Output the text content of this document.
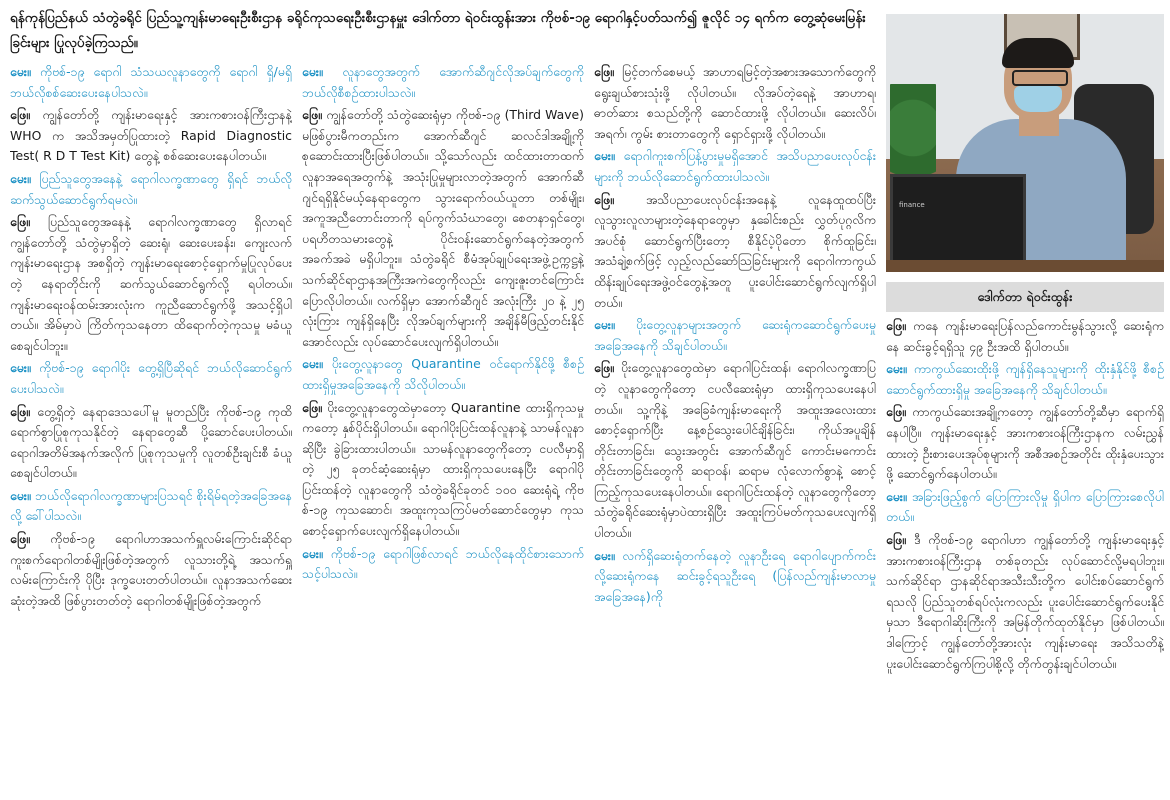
ရန်ကုန်ပြည်နယ် သံတွဲခရိုင် ပြည်သူ့ကျန်းမာရေးဦးစီးဌာန ခရိုင်ကုသရေးဦးစီးဌာနမှူး ဒေါက်တာ ရဲဝင်းထွန်းအား ကိုဗစ်-၁၉ ရောဂါနှင့်ပတ်သက်၍ ဇူလိုင် ၁၄ ရက်က တွေ့ဆုံမေးမြန်းခြင်းများ ပြုလုပ်ခဲ့ကြသည်။

မေး။ ကိုဗစ်-၁၉ ရောဂါ သံသယလူနာတွေကို ရောဂါ ရှိ/မရှိ ဘယ်လိုစစ်ဆေးပေးနေပါသလဲ။

ဖြေ။ ကျွန်တော်တို့ ကျန်းမာရေးနှင့် အားကစားဝန်ကြီးဌာနနဲ့ WHO က အသိအမှတ်ပြုထားတဲ့ Rapid Diagnostic Test( R D T Test Kit) တွေနဲ့ စစ်ဆေးပေးနေပါတယ်။

မေး။ ပြည်သူတွေအနေနဲ့ ရောဂါလက္ခဏာတွေ ရှိရင် ဘယ်လိုဆက်သွယ်ဆောင်ရွက်ရမလဲ။

ဖြေ။ ပြည်သူတွေအနေနဲ့ ရောဂါလက္ခဏာတွေ ရှိလာရင် ကျွန်တော်တို့ သံတွဲမှာရှိတဲ့ ဆေးရုံ၊ ဆေးပေးခန်း၊ ကျေးလက်ကျန်းမာရေးဌာန အစရှိတဲ့ ကျန်းမာရေးစောင့်ရှောက်မှုပြုလုပ်ပေးတဲ့ နေရာတိုင်းကို ဆက်သွယ်ဆောင်ရွက်လို့ ရပါတယ်။ ကျန်းမာရေးဝန်ထမ်းအားလုံးက ကူညီဆောင်ရွက်ဖို့ အသင့်ရှိပါတယ်။ အိမ်မှာပဲ ကြိတ်ကုသနေတာ ထိရောက်တဲ့ကုသမှု မခံယူစေချင်ပါဘူး။

မေး။ ကိုဗစ်-၁၉ ရောဂါပိုး တွေ့ရှိပြီဆိုရင် ဘယ်လိုဆောင်ရွက်ပေးပါသလဲ။

ဖြေ။ တွေ့ရှိတဲ့ နေရာဒေသပေါ်မူ မူတည်ပြီး ကိုဗစ်-၁၉ ကုထိရောက်စွာပြုစုကုသနိုင်တဲ့ နေရာတွေဆီ ပို့ဆောင်ပေးပါတယ်။ ရောဂါအတိမ်အနက်အလိုက် ပြုစုကုသမှုကို လူတစ်ဦးချင်းစီ ခံယူစေချင်ပါတယ်။

မေး။ ဘယ်လိုရောဂါလက္ခဏာများပြသရင် စိုးရိမ်ရတဲ့အခြေအနေလို့ ခေါ်ပါသလဲ။

ဖြေ။ ကိုဗစ်-၁၉ ရောဂါဟာအသက်ရှူလမ်းကြောင်းဆိုင်ရာ ကူးစက်ရောဂါတစ်မျိုးဖြစ်တဲ့အတွက် လူသားတို့ရဲ့ အသက်ရှူလမ်းကြောင်းကို ပိုပြီး ဒုက္ခပေးတတ်ပါတယ်။ လူနာအသက်ဆေးဆုံးတဲ့အထိ ဖြစ်ပွားတတ်တဲ့ ရောဂါတစ်မျိုးဖြစ်တဲ့အတွက်

မေး။ လူနာတွေအတွက် အောက်ဆီဂျင်လိုအပ်ချက်တွေကို ဘယ်လိုစီစဉ်ထားပါသလဲ။

ဖြေ။ ကျွန်တော်တို့ သံတွဲဆေးရုံမှာ ကိုဗစ်-၁၉ (Third Wave) မဖြစ်ပွားမီကတည်းက အောက်ဆီဂျင် ဆလင်ဒါအချို့ကို စုဆောင်းထားပြီးဖြစ်ပါတယ်။ သို့သော်လည်း ထင်ထားတာထက် လူနာအရေအတွက်နဲ့ အသုံးပြုမှုများလာတဲ့အတွက် အောက်ဆီဂျင်ရရှိနိုင်မယ့်နေရာတွေက သွားရောက်ဝယ်ယူတာ တစ်မျိုး၊ အကူအညီတောင်းတာကို ရပ်ကွက်သံဃာတွေ၊ စေတနာရှင်တွေ၊ ပရဟိတသမားတွေနဲ့ ပိုင်းဝန်းဆောင်ရွက်နေတဲ့အတွက် အခက်အခဲ မရှိပါဘူး။ သံတွဲခရိုင် စီမံအုပ်ချုပ်ရေးအဖွဲ့ဥက္ကဋ္ဌနဲ့ သက်ဆိုင်ရာဌာနအကြီးအကဲတွေကိုလည်း ကျေးဇူးတင်ကြောင်း ပြောလိုပါတယ်။ လက်ရှိမှာ အောက်ဆီဂျင် အလုံးကြီး ၂၀ နဲ့ ၂၅ လုံးကြား ကျန်ရှိနေပြီး လိုအပ်ချက်များကို အချိန်မီဖြည့်တင်းနိုင်အောင်လည်း လုပ်ဆောင်ပေးလျက်ရှိပါတယ်။

မေး။ ပိုးတွေ့လူနာတွေ Quarantine ဝင်ရောက်နိုင်ဖို့ စီစဉ်ထားရှိမှုအခြေအနေကို သိလိုပါတယ်။

ဖြေ။ ပိုးတွေ့လူနာတွေထဲမှာတော့ Quarantine ထားရှိကုသမှုကတော့ နှစ်ပိုင်းရှိပါတယ်။ ရောဂါပိုးပြင်းထန်လူနာနဲ့ သာမန်လူနာဆိုပြီး ခွဲခြားထားပါတယ်။ သာမန်လူနာတွေကိုတော့ ငပလီမှာရှိတဲ့ ၂၅ ခုတင်ဆံ့ဆေးရုံမှာ ထားရှိကုသပေးနေပြီး ရောဂါပိုပြင်းထန်တဲ့ လူနာတွေကို သံတွဲခရိုင်ခုတင် ၁၀၀ ဆေးရုံရဲ့ ကိုဗစ်-၁၉ ကုသဆောင်၊ အထူးကုသကြပ်မတ်ဆောင်တွေမှာ ကုသစောင့်ရှောက်ပေးလျက်ရှိနေပါတယ်။

မေး။ ကိုဗစ်-၁၉ ရောဂါဖြစ်လာရင် ဘယ်လိုနေထိုင်စားသောက်သင့်ပါသလဲ။

ဖြေ။ မြင့်တက်စေမယ့် အာဟာရမြင့်တဲ့အစားအသောက်တွေကို ရွေးချယ်စားသုံးဖို့ လိုပါတယ်။ လိုအပ်တဲ့ရေနဲ့ အာဟာရ၊ ဓာတ်ဆား စသည်တို့ကို ဆောင်ထားဖို့ လိုပါတယ်။ ဆေးလိပ်၊ အရက်၊ ကွမ်း စားတာတွေကို ရှောင်ရှားဖို့ လိုပါတယ်။

မေး။ ရောဂါကူးစက်ပြန့်ပွားမှုမရှိအောင် အသိပညာပေးလုပ်ငန်းများကို ဘယ်လိုဆောင်ရွက်ထားပါသလဲ။

ဖြေ။ အသိပညာပေးလုပ်ငန်းအနေနဲ့ လူနေထူထပ်ပြီး လူသွားလူလာများတဲ့နေရာတွေမှာ နှခေါင်းစည်း လွှတ်ပုဂ္ဂလိက အပင်စုံ ဆောင်ရွက်ပြီးတော့ စီနိုင်ပဲ့ပိုတော စိုက်ထူခြင်း၊ အသံချဲ့စက်ဖြင့် လှည့်လည်ဆော်ဩခြင်းများကို ရောဂါကာကွယ် ထိန်းချုပ်ရေးအဖွဲ့ဝင်တွေနဲ့အတူ ပူးပေါင်းဆောင်ရွက်လျက်ရှိပါတယ်။

မေး။ ပိုးတွေ့လူနာများအတွက် ဆေးရုံကဆောင်ရွက်ပေးမှုအခြေအနေကို သိချင်ပါတယ်။

ဖြေ။ ပိုးတွေ့လူနာတွေထဲမှာ ရောဂါပြင်းထန်၊ ရောဂါလက္ခဏာပြတဲ့ လူနာတွေကိုတော့ ငပလီဆေးရုံမှာ ထားရှိကုသပေးနေပါတယ်။ သူ့ကိုနဲ့ အခြေခံကျန်းမာရေးကို အထူးအလေးထား စောင့်ရှောက်ပြီး နေ့စဉ်သွေးပေါင်ချိန်ခြင်း၊ ကိုယ်အပူချိန်တိုင်းတာခြင်း၊ သွေးအတွင်း အောက်ဆီဂျင် ကောင်းမကောင်း တိုင်းတာခြင်းတွေကို ဆရာဝန်၊ ဆရာမ လုံလောက်စွာနဲ့ စောင့်ကြည့်ကုသပေးနေပါတယ်။ ရောဂါပြင်းထန်တဲ့ လူနာတွေကိုတော့ သံတွဲခရိုင်ဆေးရုံမှာပဲထားရှိပြီး အထူးကြပ်မတ်ကုသပေးလျက်ရှိပါတယ်။

မေး။ လက်ရှိဆေးရုံတက်နေတဲ့ လူနာဦးရေ ရောဂါပျောက်ကင်းလို့ဆေးရုံကနေ ဆင်းခွင့်ရသူဦးရေ (ပြန်လည်ကျန်းမာလာမှုအခြေအနေ)ကို

finance
ဒေါက်တာ ရဲဝင်းထွန်း

ဖြေ။ ကနေ ကျန်းမာရေးပြန်လည်ကောင်းမွန်သွားလို့ ဆေးရုံကနေ ဆင်းခွင့်ရရှိသူ ၄၉ ဦးအထိ ရှိပါတယ်။

မေး။ ကာကွယ်ဆေးထိုးဖို့ ကျန်ရှိနေသူများကို ထိုးနှံနိုင်ဖို့ စီစဉ်ဆောင်ရွက်ထားရှိမှု အခြေအနေကို သိချင်ပါတယ်။

ဖြေ။ ကာကွယ်ဆေးအချို့ကတော့ ကျွန်တော်တို့ဆီမှာ ရောက်ရှိနေပါပြီ။ ကျန်းမာရေးနှင့် အားကစားဝန်ကြီးဌာနက လမ်းညွှန်ထားတဲ့ ဦးစားပေးအုပ်စုများကို အစီအစဉ်အတိုင်း ထိုးနှံပေးသွားဖို့ ဆောင်ရွက်နေပါတယ်။

မေး။ အခြားဖြည့်စွက် ပြောကြားလိုမှု ရှိပါက ပြောကြားစေလိုပါတယ်။

ဖြေ။ ဒီ ကိုဗစ်-၁၉ ရောဂါဟာ ကျွန်တော်တို့ ကျန်းမာရေးနှင့် အားကစားဝန်ကြီးဌာန တစ်ခုတည်း လုပ်ဆောင်လို့မရပါဘူး။ သက်ဆိုင်ရာ ဌာနဆိုင်ရာအသီးသီးတို့က ပေါင်းစပ်ဆောင်ရွက်ရသလို ပြည်သူတစ်ရပ်လုံးကလည်း ပူးပေါင်းဆောင်ရွက်ပေးနိုင်မှသာ ဒီရောဂါဆိုးကြီးကို အမြန်တိုက်ထုတ်နိုင်မှာ ဖြစ်ပါတယ်။ ဒါကြောင့် ကျွန်တော်တို့အားလုံး ကျန်းမာရေး အသိသတိနဲ့ ပူးပေါင်းဆောင်ရွက်ကြပါစို့လို့ တိုက်တွန်းချင်ပါတယ်။
